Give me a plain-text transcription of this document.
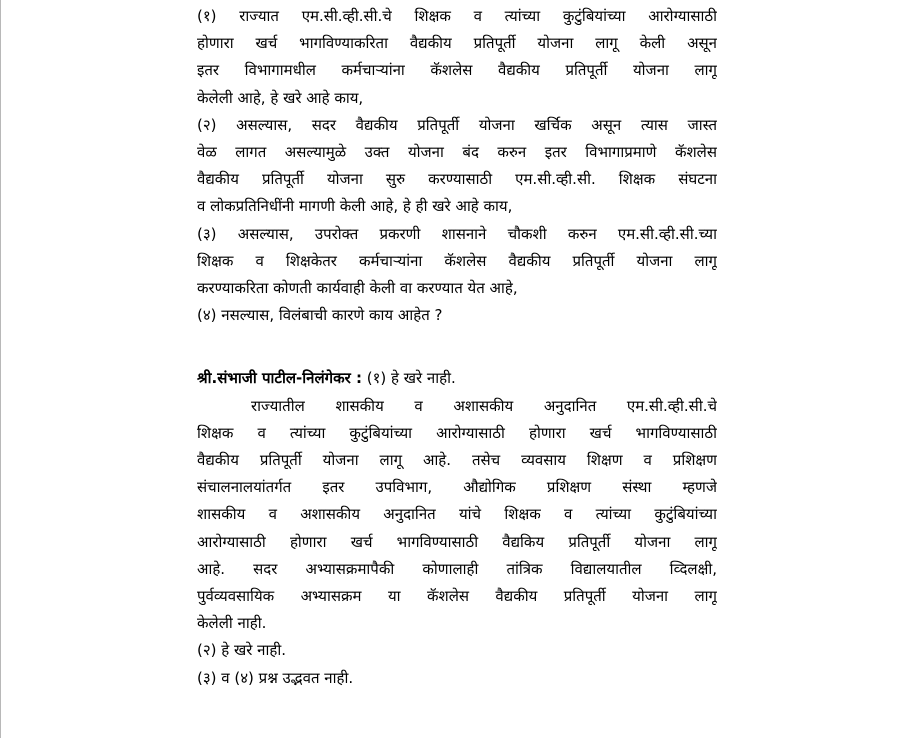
(१) राज्यात एम.सी.व्ही.सी.चे शिक्षक व त्यांच्या कुटुंबियांच्या आरोग्यासाठी
होणारा खर्च भागविण्याकरिता वैद्यकीय प्रतिपूर्ती योजना लागू केली असून
इतर विभागामधील कर्मचाऱ्यांना कॅशलेस वैद्यकीय प्रतिपूर्ती योजना लागू
केलेली आहे, हे खरे आहे काय,
(२) असल्यास, सदर वैद्यकीय प्रतिपूर्ती योजना खर्चिक असून त्यास जास्त
वेळ लागत असल्यामुळे उक्त योजना बंद करुन इतर विभागाप्रमाणे कॅशलेस
वैद्यकीय प्रतिपूर्ती योजना सुरु करण्यासाठी एम.सी.व्ही.सी. शिक्षक संघटना
व लोकप्रतिनिधींनी मागणी केली आहे, हे ही खरे आहे काय,
(३) असल्यास, उपरोक्त प्रकरणी शासनाने चौकशी करुन एम.सी.व्ही.सी.च्या
शिक्षक व शिक्षकेतर कर्मचाऱ्यांना कॅशलेस वैद्यकीय प्रतिपूर्ती योजना लागू
करण्याकरिता कोणती कार्यवाही केली वा करण्यात येत आहे,
(४) नसल्यास, विलंबाची कारणे काय आहेत ?
श्री.संभाजी पाटील-निलंगेकर : (१) हे खरे नाही.
राज्यातील शासकीय व अशासकीय अनुदानित एम.सी.व्ही.सी.चे
शिक्षक व त्यांच्या कुटुंबियांच्या आरोग्यासाठी होणारा खर्च भागविण्यासाठी
वैद्यकीय प्रतिपूर्ती योजना लागू आहे. तसेच व्यवसाय शिक्षण व प्रशिक्षण
संचालनालयांतर्गत इतर उपविभाग, औद्योगिक प्रशिक्षण संस्था म्हणजे
शासकीय व अशासकीय अनुदानित यांचे शिक्षक व त्यांच्या कुटुंबियांच्या
आरोग्यासाठी होणारा खर्च भागविण्यासाठी वैद्यकिय प्रतिपूर्ती योजना लागू
आहे. सदर अभ्यासक्रमापैकी कोणालाही तांत्रिक विद्यालयातील व्दिलक्षी,
पुर्वव्यवसायिक अभ्यासक्रम या कॅशलेस वैद्यकीय प्रतिपूर्ती योजना लागू
केलेली नाही.
(२) हे खरे नाही.
(३) व (४) प्रश्न उद्भवत नाही.
